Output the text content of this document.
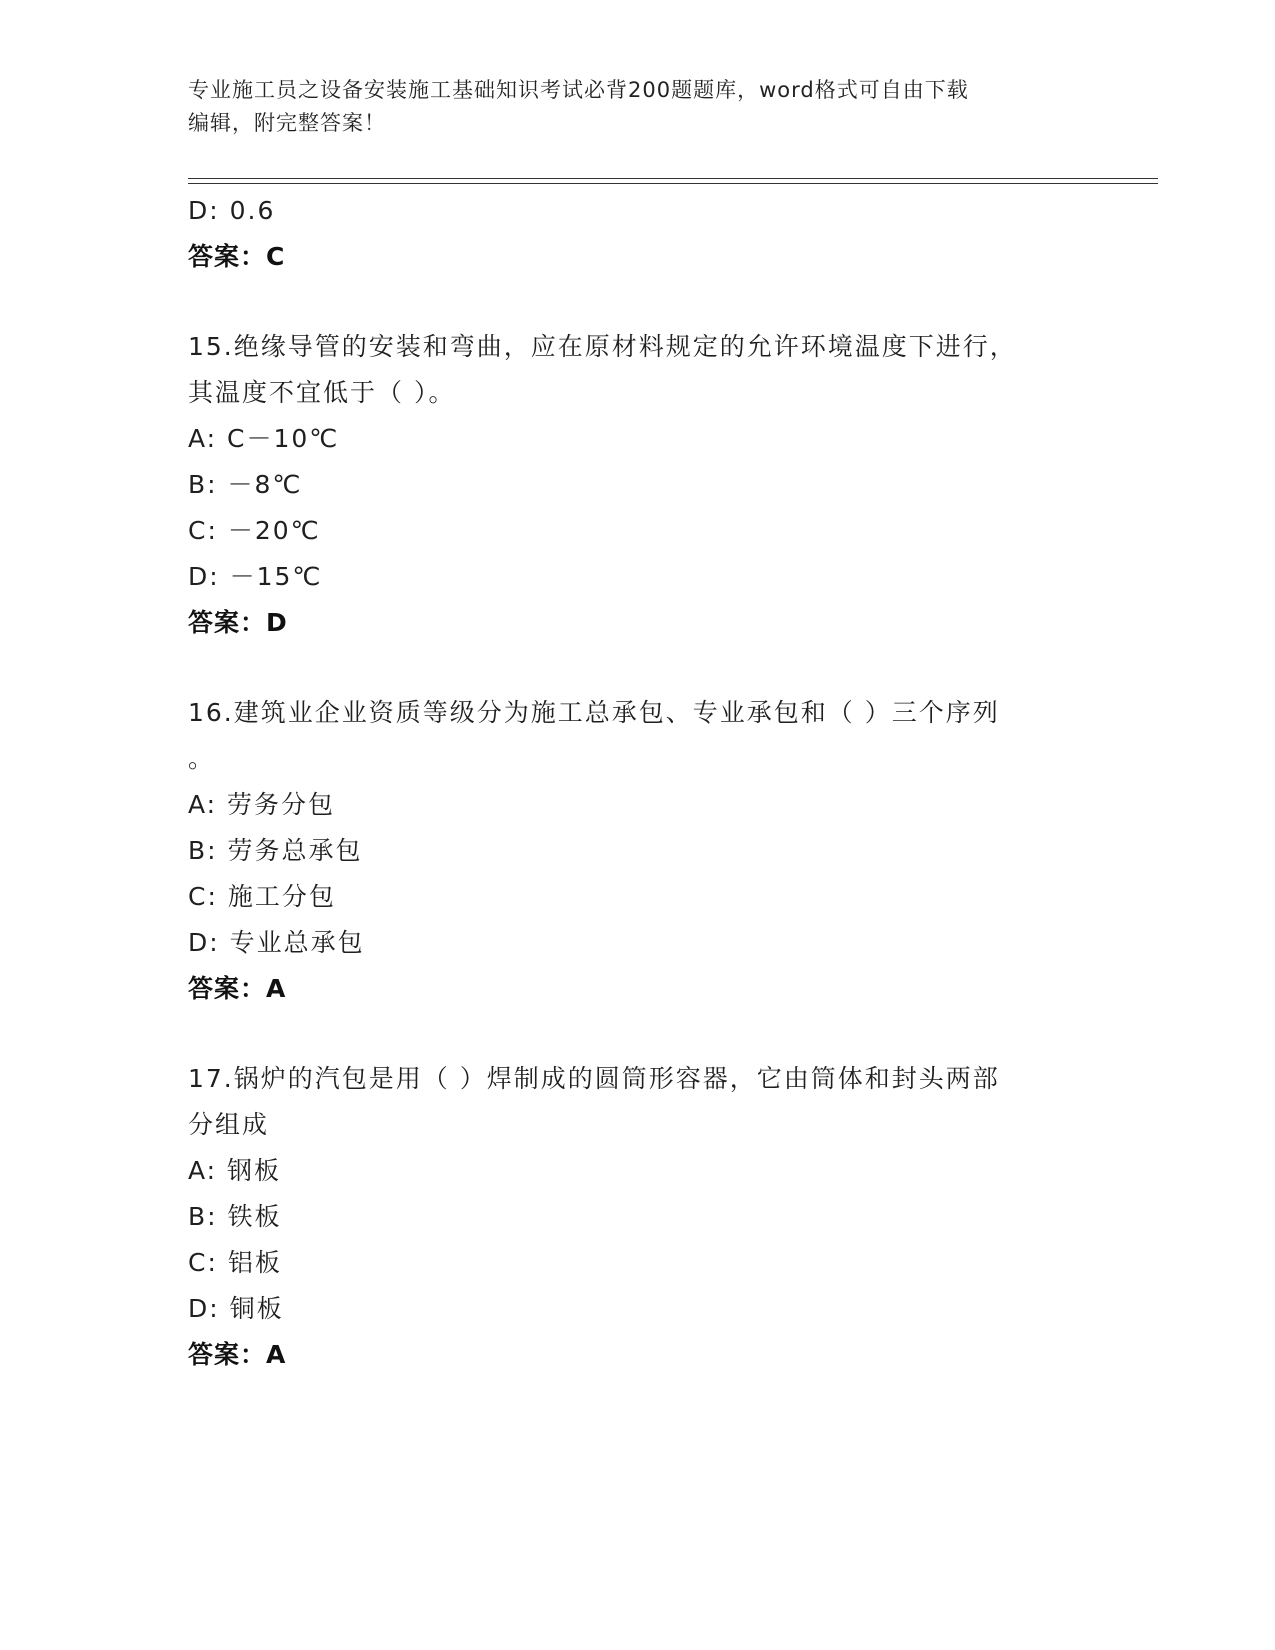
专业施工员之设备安装施工基础知识考试必背200题题库，word格式可自由下载
编辑，附完整答案！
D: 0.6
答案：C
15.绝缘导管的安装和弯曲，应在原材料规定的允许环境温度下进行，
其温度不宜低于（ ）。
A: C－10℃
B: －8℃
C: －20℃
D: －15℃
答案：D
16.建筑业企业资质等级分为施工总承包、专业承包和（ ）三个序列
。
A: 劳务分包
B: 劳务总承包
C: 施工分包
D: 专业总承包
答案：A
17.锅炉的汽包是用（ ）焊制成的圆筒形容器，它由筒体和封头两部
分组成
A: 钢板
B: 铁板
C: 铝板
D: 铜板
答案：A
